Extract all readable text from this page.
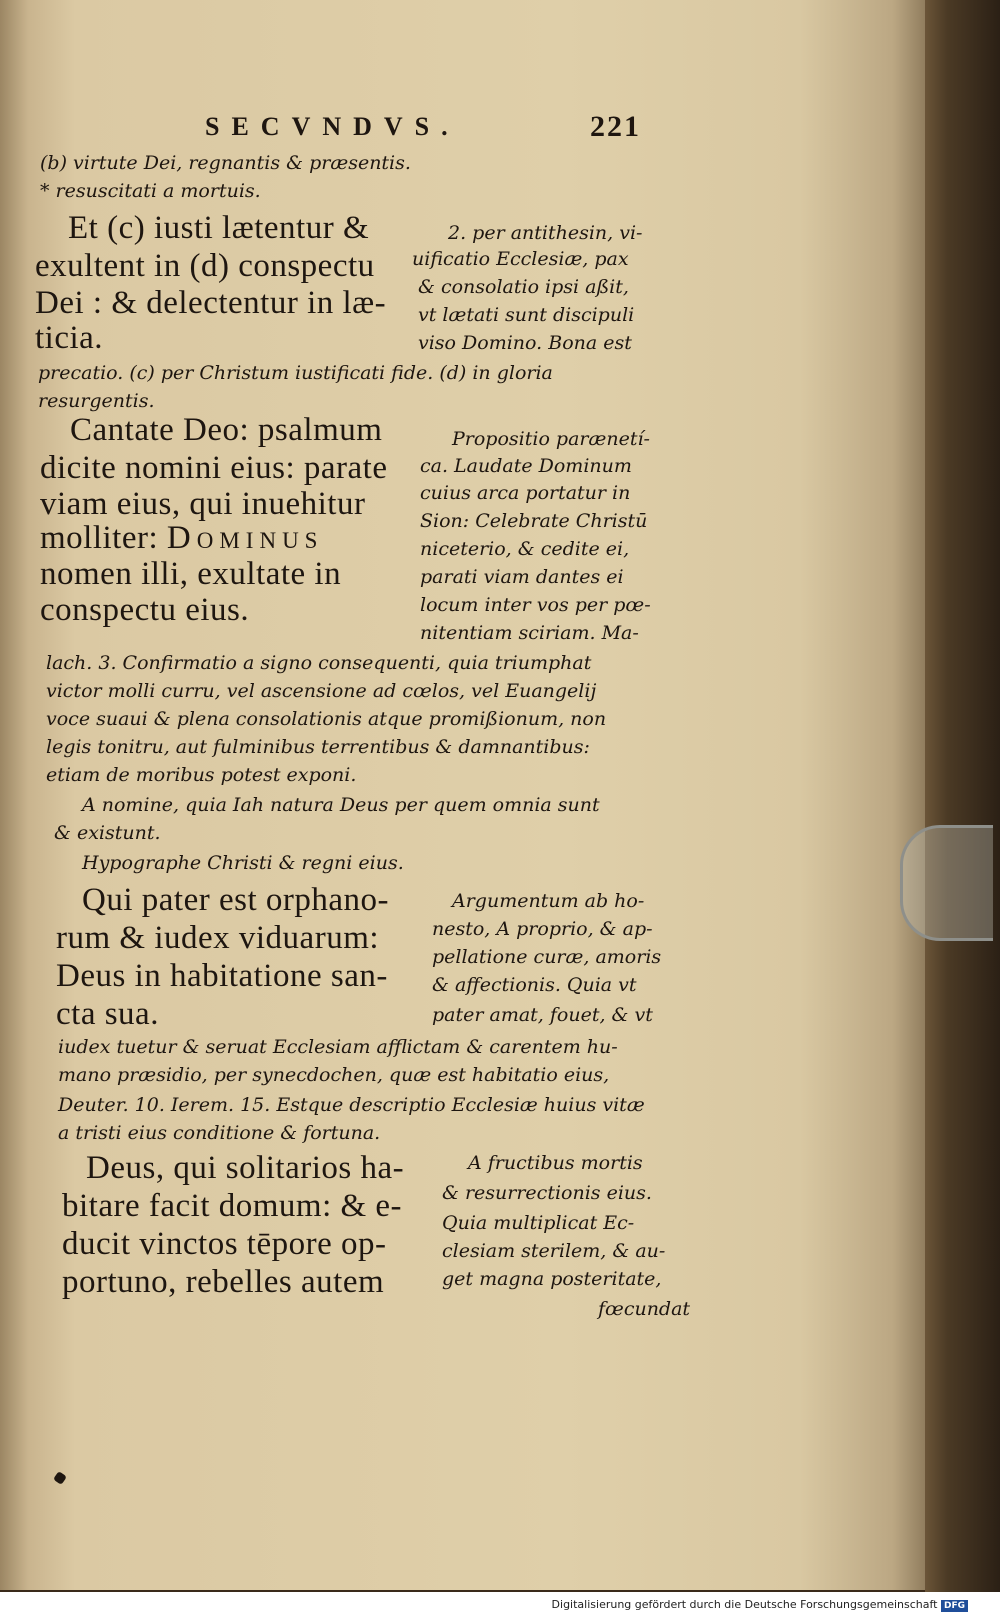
SECVNDVS.	221
(b) virtute Dei, regnantis & præsentis.
* resuscitati a mortuis.
Et (c) iusti lætentur &
exultent in (d) conspectu
Dei : & delectentur in læ-
ticia.
2. per antithesin, vi-
uificatio Ecclesiæ, pax
& consolatio ipsi aßit,
vt lætati sunt discipuli
viso Domino. Bona est
precatio. (c) per Christum iustificati fide. (d) in gloria
resurgentis.
Cantate Deo: psalmum
dicite nomini eius: parate
viam eius, qui inuehitur
molliter: Dominus
nomen illi, exultate in
conspectu eius.
Propositio parænetí-
ca. Laudate Dominum
cuius arca portatur in
Sion: Celebrate Christū
niceterio, & cedite ei,
parati viam dantes ei
locum inter vos per pœ-
nitentiam sciriam. Ma-
lach. 3. Confirmatio a signo consequenti, quia triumphat
victor molli curru, vel ascensione ad cœlos, vel Euangelij
voce suaui & plena consolationis atque promißionum, non
legis tonitru, aut fulminibus terrentibus & damnantibus:
etiam de moribus potest exponi.
A nomine, quia Iah natura Deus per quem omnia sunt
& existunt.
Hypographe Christi & regni eius.
Qui pater est orphano-
rum & iudex viduarum:
Deus in habitatione san-
cta sua.
Argumentum ab ho-
nesto, A proprio, & ap-
pellatione curæ, amoris
& affectionis. Quia vt
pater amat, fouet, & vt
iudex tuetur & seruat Ecclesiam afflictam & carentem hu-
mano præsidio, per synecdochen, quæ est habitatio eius,
Deuter. 10. Ierem. 15. Estque descriptio Ecclesiæ huius vitæ
a tristi eius conditione & fortuna.
Deus, qui solitarios ha-
bitare facit domum: & e-
ducit vinctos tēpore op-
portuno, rebelles autem
A fructibus mortis
& resurrectionis eius.
Quia multiplicat Ec-
clesiam sterilem, & au-
get magna posteritate,
fœcundat
Digitalisierung gefördert durch die Deutsche Forschungsgemeinschaft $_{DFG}$
